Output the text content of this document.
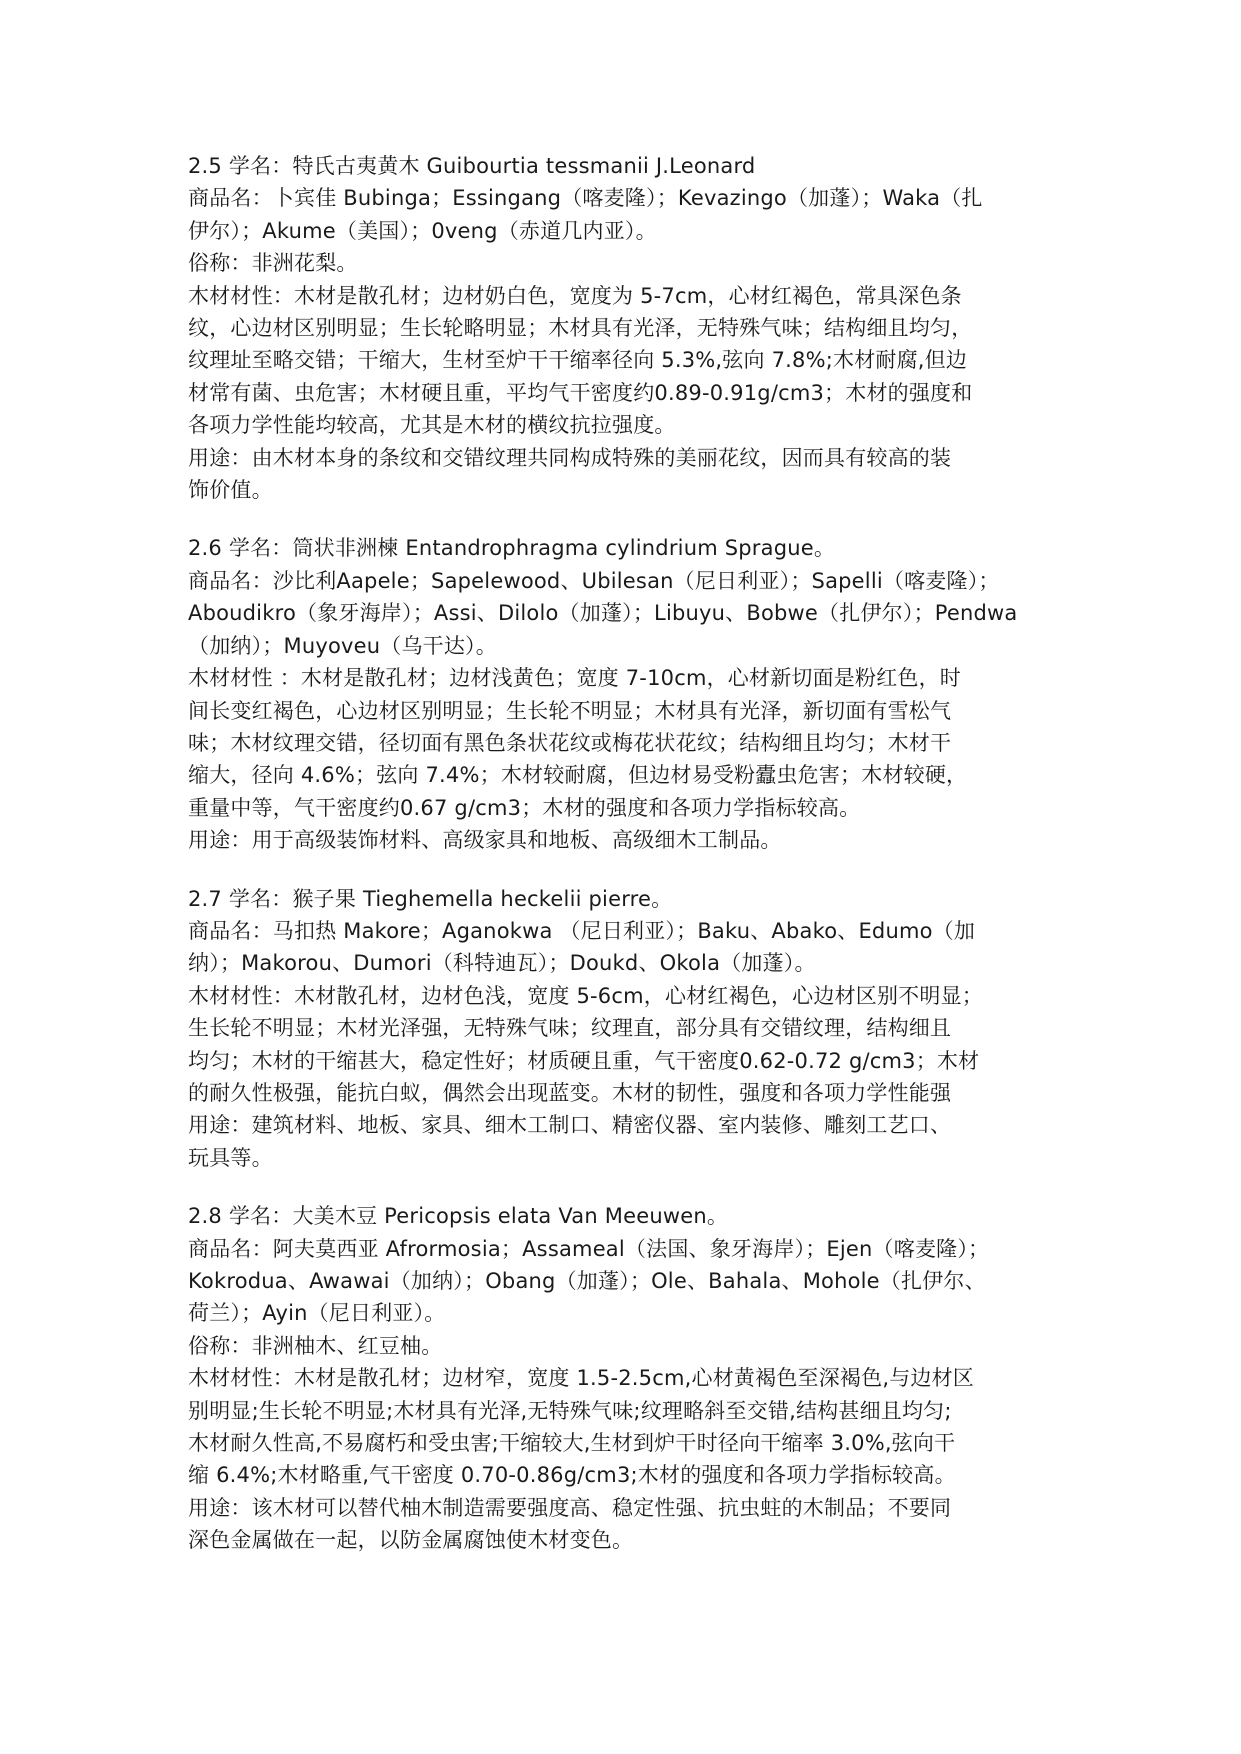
2.5 学名：特氏古夷黄木 Guibourtia tessmanii J.Leonard
商品名：卜宾佳 Bubinga；Essingang（喀麦隆）；Kevazingo（加蓬）；Waka（扎
伊尔）；Akume（美国）；0veng（赤道几内亚）。
俗称：非洲花梨。
木材材性：木材是散孔材；边材奶白色，宽度为 5-7cm，心材红褐色，常具深色条
纹，心边材区别明显；生长轮略明显；木材具有光泽，无特殊气味；结构细且均匀，
纹理址至略交错；干缩大，生材至炉干干缩率径向 5.3%,弦向 7.8%;木材耐腐,但边
材常有菌、虫危害；木材硬且重，平均气干密度约0.89-0.91g/cm3；木材的强度和
各项力学性能均较高，尤其是木材的横纹抗拉强度。
用途：由木材本身的条纹和交错纹理共同构成特殊的美丽花纹，因而具有较高的装
饰价值。
2.6 学名：筒状非洲楝 Entandrophragma cylindrium Sprague。
商品名：沙比利Aapele；Sapelewood、Ubilesan（尼日利亚）；Sapelli（喀麦隆）；
Aboudikro（象牙海岸）；Assi、Dilolo（加蓬）；Libuyu、Bobwe（扎伊尔）；Pendwa
（加纳）；Muyoveu（乌干达）。
木材材性 ：木材是散孔材；边材浅黄色；宽度 7-10cm，心材新切面是粉红色，时
间长变红褐色，心边材区别明显；生长轮不明显；木材具有光泽，新切面有雪松气
味；木材纹理交错，径切面有黑色条状花纹或梅花状花纹；结构细且均匀；木材干
缩大，径向 4.6%；弦向 7.4%；木材较耐腐，但边材易受粉蠹虫危害；木材较硬，
重量中等，气干密度约0.67 g/cm3；木材的强度和各项力学指标较高。
用途：用于高级装饰材料、高级家具和地板、高级细木工制品。
2.7 学名：猴子果 Tieghemella heckelii pierre。
商品名：马扣热 Makore；Aganokwa （尼日利亚）；Baku、Abako、Edumo（加
纳）；Makorou、Dumori（科特迪瓦）；Doukd、Okola（加蓬）。
木材材性：木材散孔材，边材色浅，宽度 5-6cm，心材红褐色，心边材区别不明显；
生长轮不明显；木材光泽强，无特殊气味；纹理直，部分具有交错纹理，结构细且
均匀；木材的干缩甚大，稳定性好；材质硬且重，气干密度0.62-0.72 g/cm3；木材
的耐久性极强，能抗白蚁，偶然会出现蓝变。木材的韧性，强度和各项力学性能强
用途：建筑材料、地板、家具、细木工制口、精密仪器、室内装修、雕刻工艺口、
玩具等。
2.8 学名：大美木豆 Pericopsis elata Van Meeuwen。
商品名：阿夫莫西亚 Afrormosia；Assameal（法国、象牙海岸）；Ejen（喀麦隆）；
Kokrodua、Awawai（加纳）；Obang（加蓬）；Ole、Bahala、Mohole（扎伊尔、
荷兰）；Ayin（尼日利亚）。
俗称：非洲柚木、红豆柚。
木材材性：木材是散孔材；边材窄，宽度 1.5-2.5cm,心材黄褐色至深褐色,与边材区
别明显;生长轮不明显;木材具有光泽,无特殊气味;纹理略斜至交错,结构甚细且均匀;
木材耐久性高,不易腐朽和受虫害;干缩较大,生材到炉干时径向干缩率 3.0%,弦向干
缩 6.4%;木材略重,气干密度 0.70-0.86g/cm3;木材的强度和各项力学指标较高。
用途：该木材可以替代柚木制造需要强度高、稳定性强、抗虫蛀的木制品；不要同
深色金属做在一起，以防金属腐蚀使木材变色。
